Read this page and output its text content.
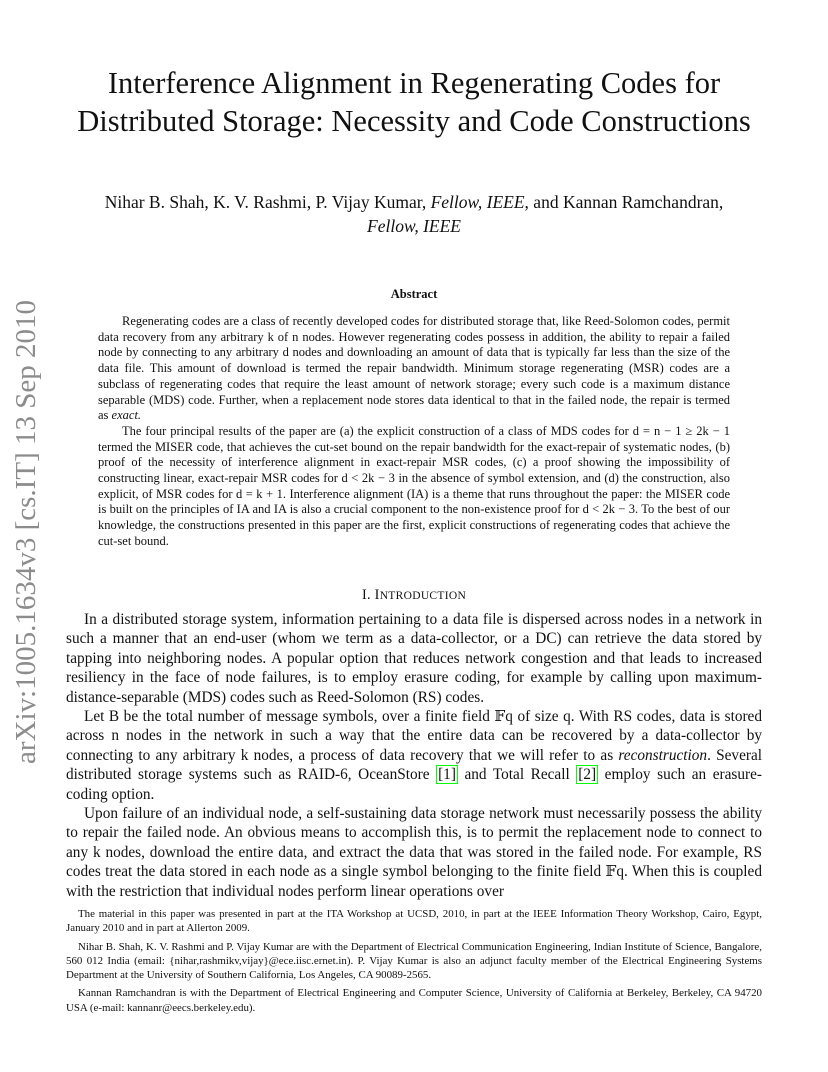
arXiv:1005.1634v3 [cs.IT] 13 Sep 2010
Interference Alignment in Regenerating Codes for Distributed Storage: Necessity and Code Constructions
Nihar B. Shah, K. V. Rashmi, P. Vijay Kumar, Fellow, IEEE, and Kannan Ramchandran,
Fellow, IEEE
Abstract

Regenerating codes are a class of recently developed codes for distributed storage that, like Reed-Solomon codes, permit data recovery from any arbitrary k of n nodes. However regenerating codes possess in addition, the ability to repair a failed node by connecting to any arbitrary d nodes and downloading an amount of data that is typically far less than the size of the data file. This amount of download is termed the repair bandwidth. Minimum storage regenerating (MSR) codes are a subclass of regenerating codes that require the least amount of network storage; every such code is a maximum distance separable (MDS) code. Further, when a replacement node stores data identical to that in the failed node, the repair is termed as exact.

The four principal results of the paper are (a) the explicit construction of a class of MDS codes for d = n − 1 ≥ 2k − 1 termed the MISER code, that achieves the cut-set bound on the repair bandwidth for the exact-repair of systematic nodes, (b) proof of the necessity of interference alignment in exact-repair MSR codes, (c) a proof showing the impossibility of constructing linear, exact-repair MSR codes for d < 2k − 3 in the absence of symbol extension, and (d) the construction, also explicit, of MSR codes for d = k + 1. Interference alignment (IA) is a theme that runs throughout the paper: the MISER code is built on the principles of IA and IA is also a crucial component to the non-existence proof for d < 2k − 3. To the best of our knowledge, the constructions presented in this paper are the first, explicit constructions of regenerating codes that achieve the cut-set bound.

I. INTRODUCTION

In a distributed storage system, information pertaining to a data file is dispersed across nodes in a network in such a manner that an end-user (whom we term as a data-collector, or a DC) can retrieve the data stored by tapping into neighboring nodes. A popular option that reduces network congestion and that leads to increased resiliency in the face of node failures, is to employ erasure coding, for example by calling upon maximum-distance-separable (MDS) codes such as Reed-Solomon (RS) codes.

Let B be the total number of message symbols, over a finite field 𝔽q of size q. With RS codes, data is stored across n nodes in the network in such a way that the entire data can be recovered by a data-collector by connecting to any arbitrary k nodes, a process of data recovery that we will refer to as reconstruction. Several distributed storage systems such as RAID-6, OceanStore [1] and Total Recall [2] employ such an erasure-coding option.

Upon failure of an individual node, a self-sustaining data storage network must necessarily possess the ability to repair the failed node. An obvious means to accomplish this, is to permit the replacement node to connect to any k nodes, download the entire data, and extract the data that was stored in the failed node. For example, RS codes treat the data stored in each node as a single symbol belonging to the finite field 𝔽q. When this is coupled with the restriction that individual nodes perform linear operations over

The material in this paper was presented in part at the ITA Workshop at UCSD, 2010, in part at the IEEE Information Theory Workshop, Cairo, Egypt, January 2010 and in part at Allerton 2009.

Nihar B. Shah, K. V. Rashmi and P. Vijay Kumar are with the Department of Electrical Communication Engineering, Indian Institute of Science, Bangalore, 560 012 India (email: {nihar,rashmikv,vijay}@ece.iisc.ernet.in). P. Vijay Kumar is also an adjunct faculty member of the Electrical Engineering Systems Department at the University of Southern California, Los Angeles, CA 90089-2565.

Kannan Ramchandran is with the Department of Electrical Engineering and Computer Science, University of California at Berkeley, Berkeley, CA 94720 USA (e-mail: kannanr@eecs.berkeley.edu).
